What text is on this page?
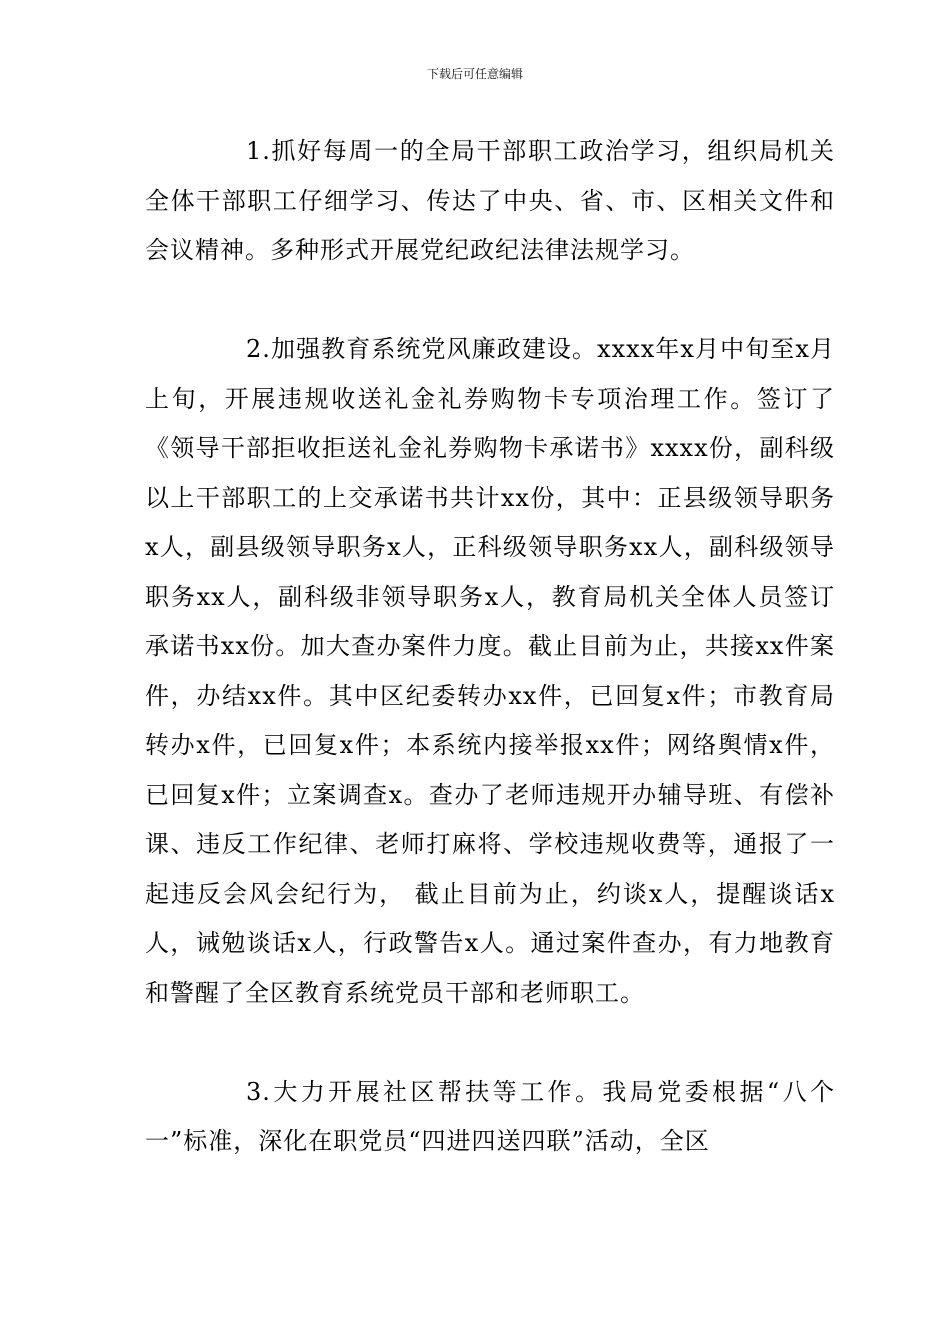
下载后可任意编辑

1.抓好每周一的全局干部职工政治学习，组织局机关全体干部职工仔细学习、传达了中央、省、市、区相关文件和会议精神。多种形式开展党纪政纪法律法规学习。

2.加强教育系统党风廉政建设。xxxx年x月中旬至x月上旬，开展违规收送礼金礼券购物卡专项治理工作。签订了《领导干部拒收拒送礼金礼券购物卡承诺书》xxxx份，副科级以上干部职工的上交承诺书共计xx份，其中：正县级领导职务x人，副县级领导职务x人，正科级领导职务xx人，副科级领导职务xx人，副科级非领导职务x人，教育局机关全体人员签订承诺书xx份。加大查办案件力度。截止目前为止，共接xx件案件，办结xx件。其中区纪委转办xx件，已回复x件；市教育局转办x件，已回复x件；本系统内接举报xx件；网络舆情x件，已回复x件；立案调查x。查办了老师违规开办辅导班、有偿补课、违反工作纪律、老师打麻将、学校违规收费等，通报了一起违反会风会纪行为， 截止目前为止，约谈x人，提醒谈话x人，诫勉谈话x人，行政警告x人。通过案件查办，有力地教育和警醒了全区教育系统党员干部和老师职工。

3.大力开展社区帮扶等工作。我局党委根据“八个一”标准，深化在职党员“四进四送四联”活动，全区
